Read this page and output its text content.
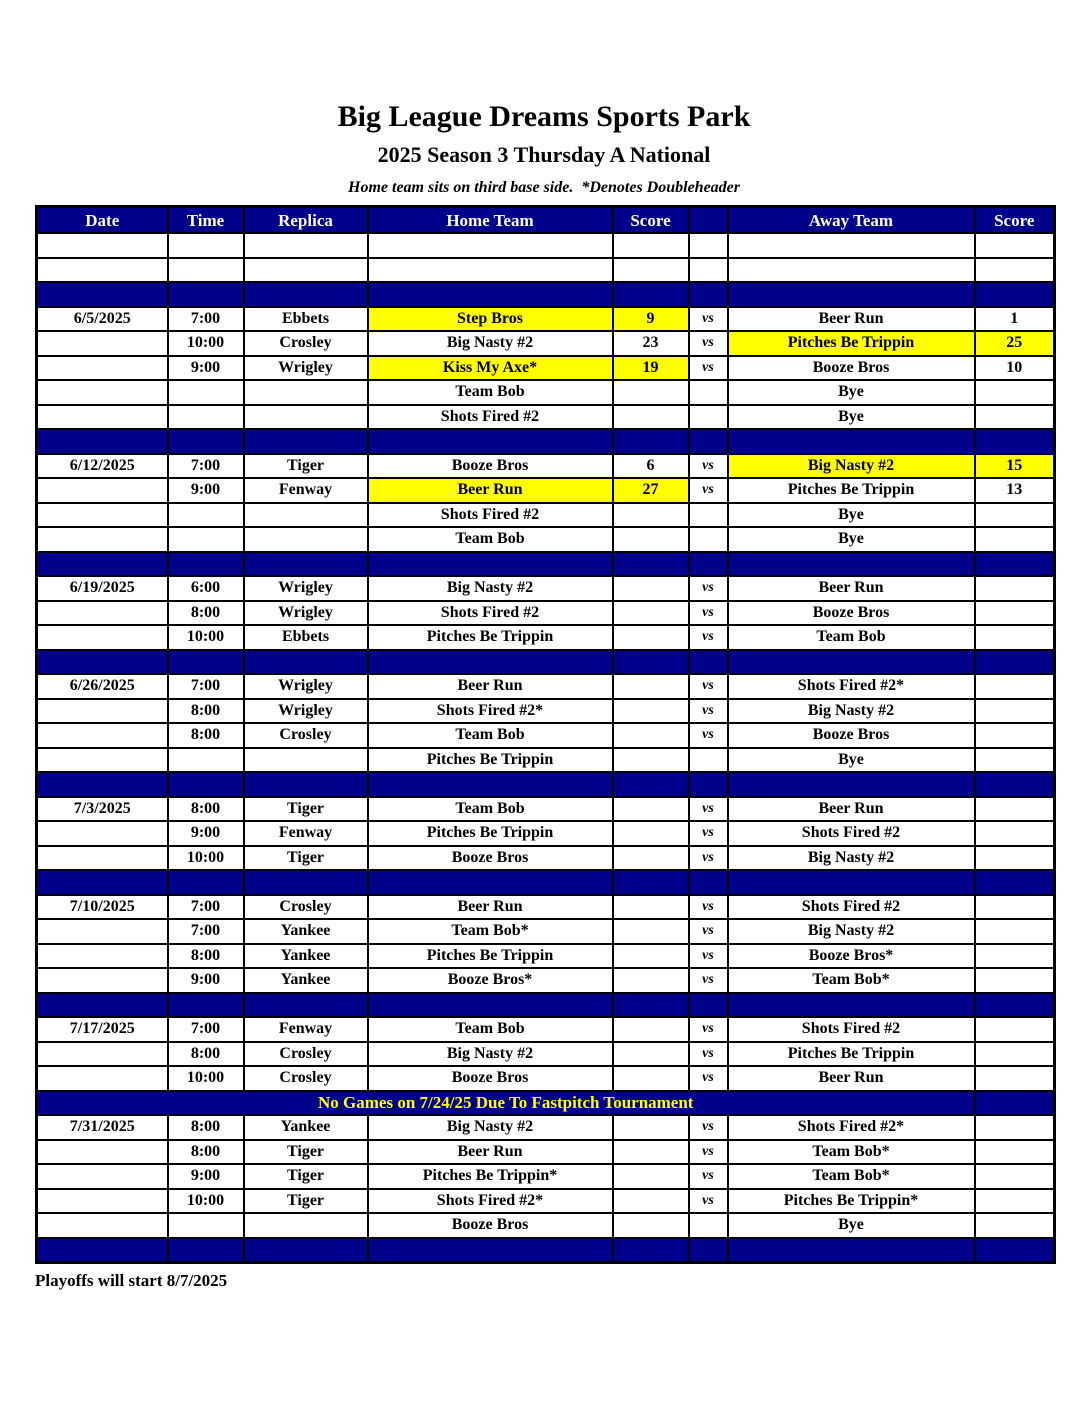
Big League Dreams Sports Park
2025 Season 3 Thursday A National
Home team sits on third base side.  *Denotes Doubleheader
Date	Time	Replica	Home Team	Score		Away Team	Score

6/5/2025	7:00	Ebbets	Step Bros	9	vs	Beer Run	1
	10:00	Crosley	Big Nasty #2	23	vs	Pitches Be Trippin	25
	9:00	Wrigley	Kiss My Axe*	19	vs	Booze Bros	10
			Team Bob			Bye	
			Shots Fired #2			Bye	

6/12/2025	7:00	Tiger	Booze Bros	6	vs	Big Nasty #2	15
	9:00	Fenway	Beer Run	27	vs	Pitches Be Trippin	13
			Shots Fired #2			Bye	
			Team Bob			Bye	

6/19/2025	6:00	Wrigley	Big Nasty #2		vs	Beer Run	
	8:00	Wrigley	Shots Fired #2		vs	Booze Bros	
	10:00	Ebbets	Pitches Be Trippin		vs	Team Bob	

6/26/2025	7:00	Wrigley	Beer Run		vs	Shots Fired #2*	
	8:00	Wrigley	Shots Fired #2*		vs	Big Nasty #2	
	8:00	Crosley	Team Bob		vs	Booze Bros	
			Pitches Be Trippin			Bye	

7/3/2025	8:00	Tiger	Team Bob		vs	Beer Run	
	9:00	Fenway	Pitches Be Trippin		vs	Shots Fired #2	
	10:00	Tiger	Booze Bros		vs	Big Nasty #2	

7/10/2025	7:00	Crosley	Beer Run		vs	Shots Fired #2	
	7:00	Yankee	Team Bob*		vs	Big Nasty #2	
	8:00	Yankee	Pitches Be Trippin		vs	Booze Bros*	
	9:00	Yankee	Booze Bros*		vs	Team Bob*	

7/17/2025	7:00	Fenway	Team Bob		vs	Shots Fired #2	
	8:00	Crosley	Big Nasty #2		vs	Pitches Be Trippin	
	10:00	Crosley	Booze Bros		vs	Beer Run	
No Games on 7/24/25 Due To Fastpitch Tournament							
7/31/2025	8:00	Yankee	Big Nasty #2		vs	Shots Fired #2*	
	8:00	Tiger	Beer Run		vs	Team Bob*	
	9:00	Tiger	Pitches Be Trippin*		vs	Team Bob*	
	10:00	Tiger	Shots Fired #2*		vs	Pitches Be Trippin*	
			Booze Bros			Bye	

Playoffs will start 8/7/2025
